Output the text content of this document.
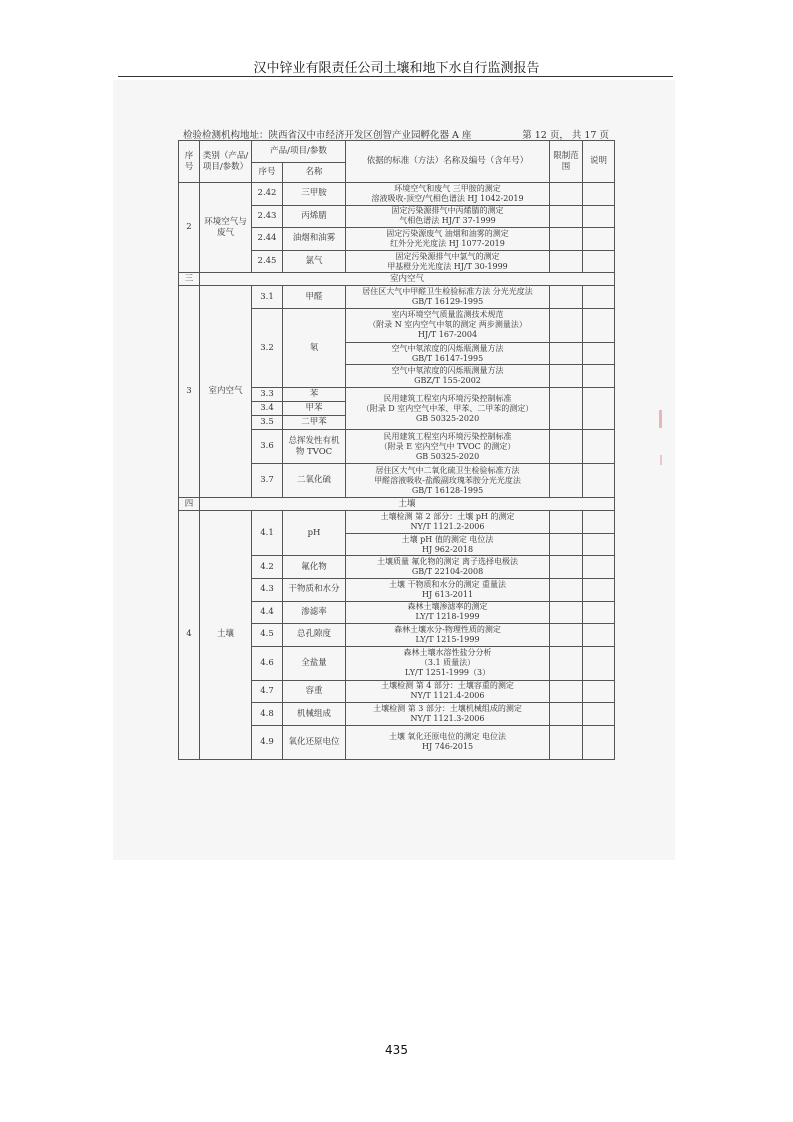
汉中锌业有限责任公司土壤和地下水自行监测报告
检验检测机构地址：陕西省汉中市经济开发区创智产业园孵化器 A 座	第 12 页， 共 17 页
序号	类别（产品/项目/参数）	产品/项目/参数		依据的标准（方法）名称及编号（含年号）	限制范围	说明
		序号	名称			
2	环境空气与废气	2.42	三甲胺	环境空气和废气 三甲胺的测定
溶液吸收-顶空/气相色谱法 HJ 1042-2019		

		2.43	丙烯腈	固定污染源排气中丙烯腈的测定
气相色谱法 HJ/T 37-1999		

		2.44	油烟和油雾	固定污染源废气 油烟和油雾的测定
红外分光光度法 HJ 1077-2019		

		2.45	氯气	固定污染源排气中氯气的测定
甲基橙分光光度法 HJ/T 30-1999		

三	室内空气					
3	室内空气	3.1	甲醛	居住区大气中甲醛卫生检验标准方法 分光光度法
GB/T 16129-1995		

		3.2	氡	室内环境空气质量监测技术规范
（附录 N 室内空气中氡的测定 两步测量法）
HJ/T 167-2004		

				空气中氡浓度的闪烁瓶测量方法
GB/T 16147-1995		

				空气中氡浓度的闪烁瓶测量方法
GBZ/T 155-2002		

		3.3	苯	民用建筑工程室内环境污染控制标准
（附录 D 室内空气中苯、甲苯、二甲苯的测定）
GB 50325-2020		

		3.4	甲苯			
		3.5	二甲苯			
		3.6	总挥发性有机物 TVOC	民用建筑工程室内环境污染控制标准
（附录 E 室内空气中 TVOC 的测定）
GB 50325-2020		

		3.7	二氧化硫	居住区大气中二氧化硫卫生检验标准方法
甲醛溶液吸收-盐酸副玫瑰苯胺分光光度法
GB/T 16128-1995		

四	土壤					
4	土壤	4.1	pH	土壤检测 第 2 部分：土壤 pH 的测定
NY/T 1121.2-2006		

				土壤 pH 值的测定 电位法
HJ 962-2018		

		4.2	氟化物	土壤质量 氟化物的测定 离子选择电极法
GB/T 22104-2008		

		4.3	干物质和水分	土壤 干物质和水分的测定 重量法
HJ 613-2011		

		4.4	渗滤率	森林土壤渗滤率的测定
LY/T 1218-1999		

		4.5	总孔隙度	森林土壤水分-物理性质的测定
LY/T 1215-1999		

		4.6	全盐量	森林土壤水溶性盐分分析
（3.1 质量法）
LY/T 1251-1999（3）		

		4.7	容重	土壤检测 第 4 部分：土壤容重的测定
NY/T 1121.4-2006		

		4.8	机械组成	土壤检测 第 3 部分：土壤机械组成的测定
NY/T 1121.3-2006		

		4.9	氧化还原电位	土壤 氧化还原电位的测定 电位法
HJ 746-2015		

435
